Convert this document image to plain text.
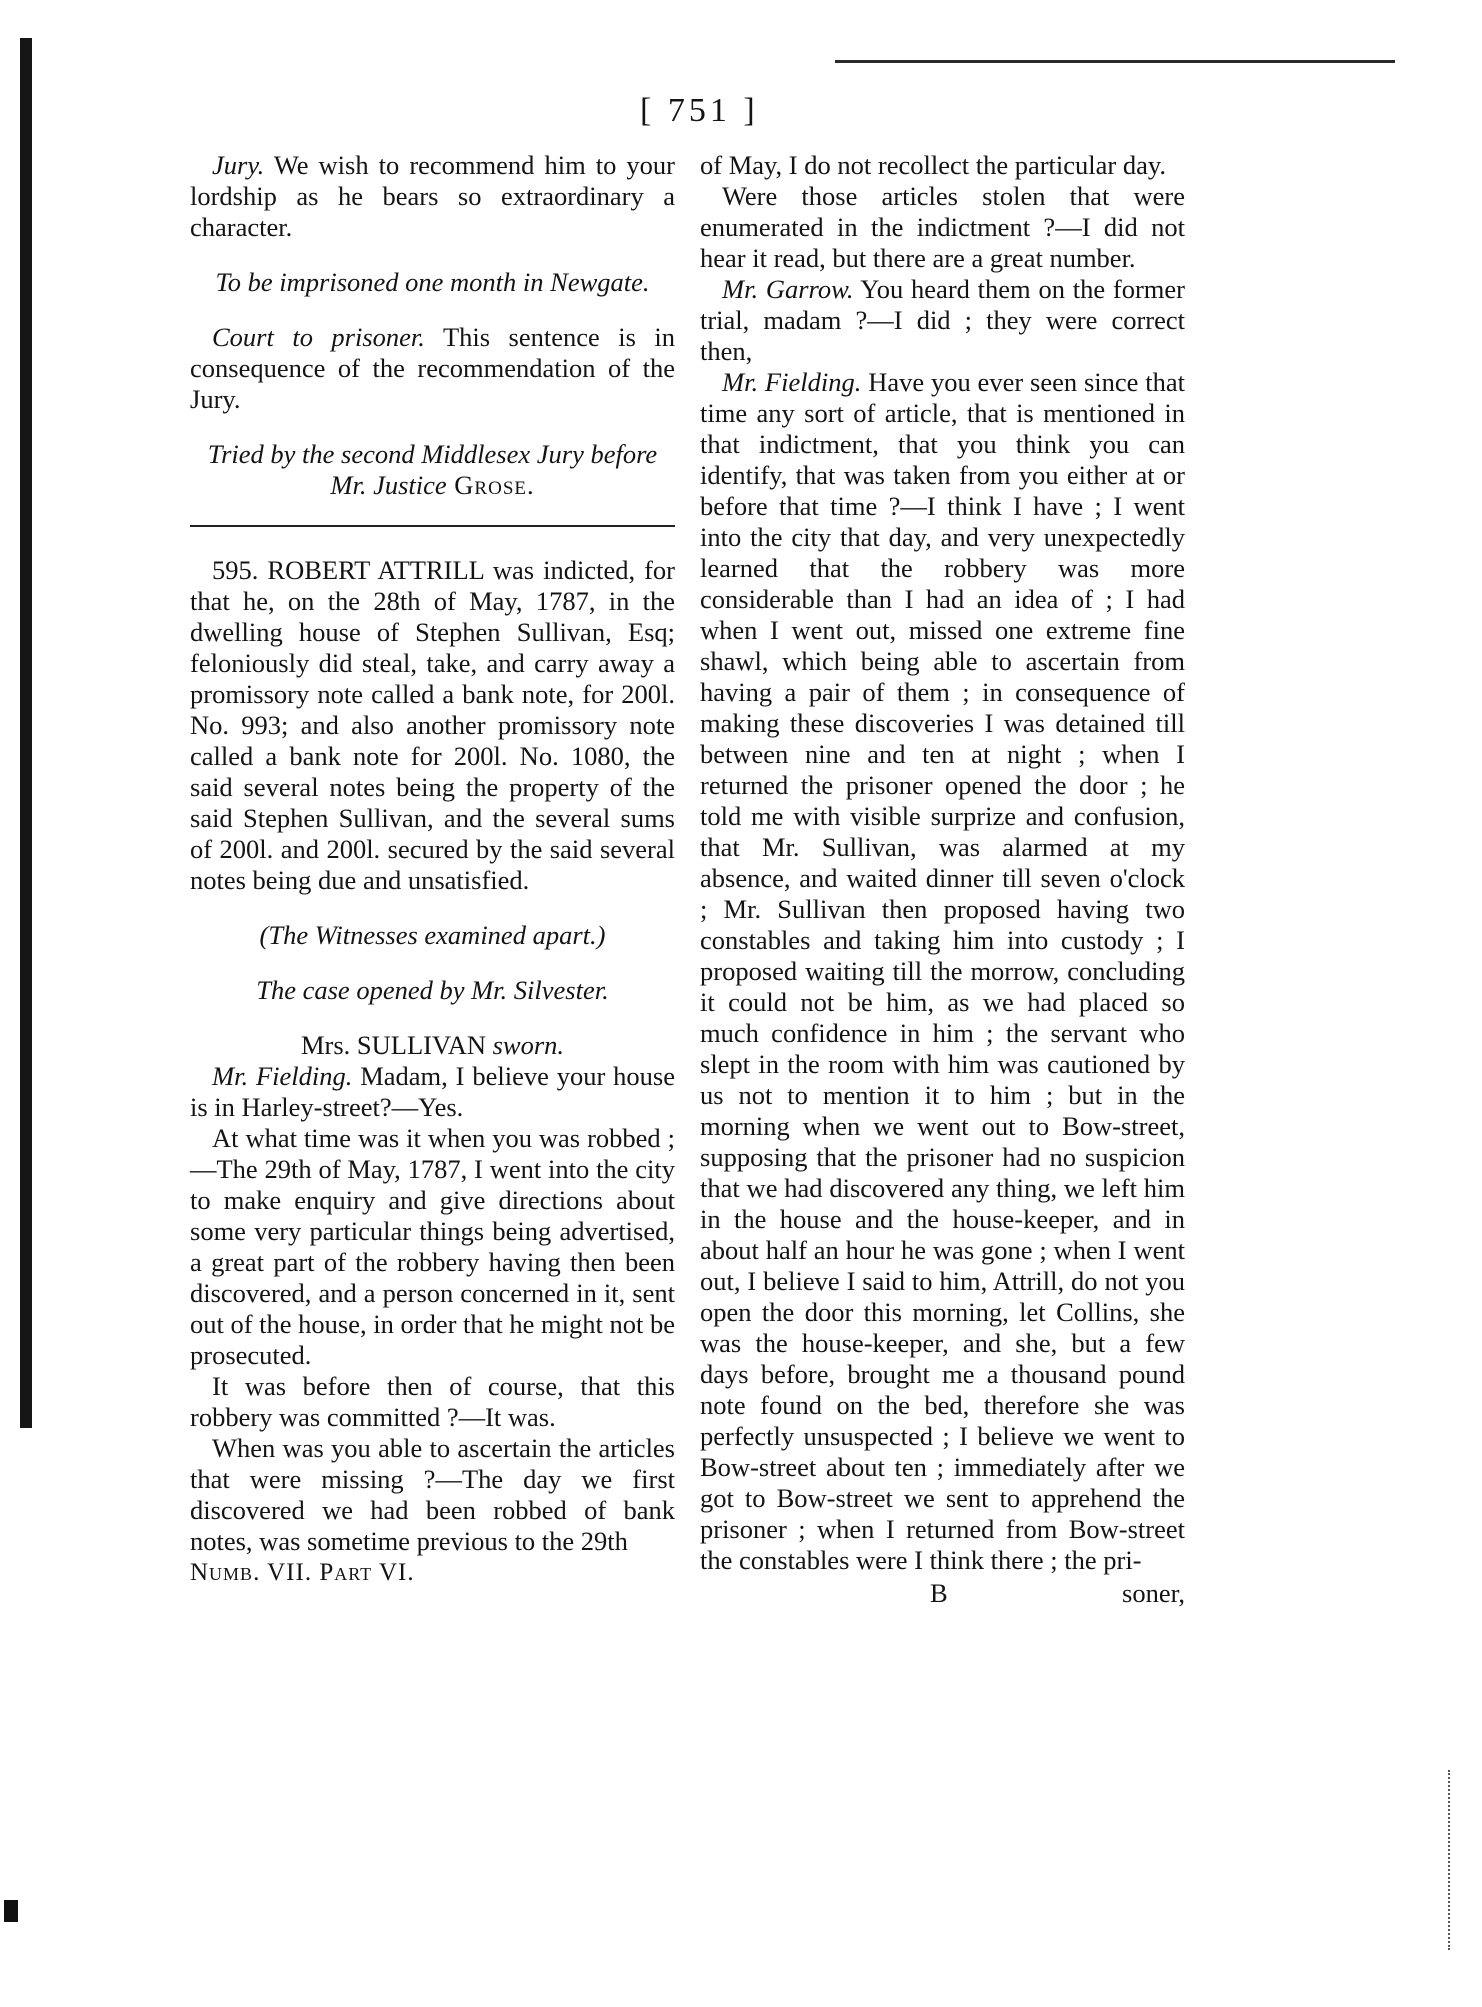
[ 751 ]

Jury. We wish to recommend him to your lordship as he bears so extraordinary a character.

To be imprisoned one month in Newgate.

Court to prisoner. This sentence is in consequence of the recommendation of the Jury.

Tried by the second Middlesex Jury before

Mr. Justice Grose.

595. ROBERT ATTRILL was indicted, for that he, on the 28th of May, 1787, in the dwelling house of Stephen Sullivan, Esq; feloniously did steal, take, and carry away a promissory note called a bank note, for 200l. No. 993; and also another promissory note called a bank note for 200l. No. 1080, the said several notes being the property of the said Stephen Sullivan, and the several sums of 200l. and 200l. secured by the said several notes being due and unsatisfied.

(The Witnesses examined apart.)

The case opened by Mr. Silvester.

Mrs. SULLIVAN sworn.

Mr. Fielding. Madam, I believe your house is in Harley-street?—Yes.

At what time was it when you was robbed ;—The 29th of May, 1787, I went into the city to make enquiry and give directions about some very particular things being advertised, a great part of the robbery having then been discovered, and a person concerned in it, sent out of the house, in order that he might not be prosecuted.

It was before then of course, that this robbery was committed ?—It was.

When was you able to ascertain the articles that were missing ?—The day we first discovered we had been robbed of bank notes, was sometime previous to the 29th

Numb. VII. Part VI.

of May, I do not recollect the particular day.

Were those articles stolen that were enumerated in the indictment ?—I did not hear it read, but there are a great number.

Mr. Garrow. You heard them on the former trial, madam ?—I did ; they were correct then,

Mr. Fielding. Have you ever seen since that time any sort of article, that is mentioned in that indictment, that you think you can identify, that was taken from you either at or before that time ?—I think I have ; I went into the city that day, and very unexpectedly learned that the robbery was more considerable than I had an idea of ; I had when I went out, missed one extreme fine shawl, which being able to ascertain from having a pair of them ; in consequence of making these discoveries I was detained till between nine and ten at night ; when I returned the prisoner opened the door ; he told me with visible surprize and confusion, that Mr. Sullivan, was alarmed at my absence, and waited dinner till seven o'clock ; Mr. Sullivan then proposed having two constables and taking him into custody ; I proposed waiting till the morrow, concluding it could not be him, as we had placed so much confidence in him ; the servant who slept in the room with him was cautioned by us not to mention it to him ; but in the morning when we went out to Bow-street, supposing that the prisoner had no suspicion that we had discovered any thing, we left him in the house and the house-keeper, and in about half an hour he was gone ; when I went out, I believe I said to him, Attrill, do not you open the door this morning, let Collins, she was the house-keeper, and she, but a few days before, brought me a thousand pound note found on the bed, therefore she was perfectly unsuspected ; I believe we went to Bow-street about ten ; immediately after we got to Bow-street we sent to apprehend the prisoner ; when I returned from Bow-street the constables were I think there ; the pri-

B	soner,
